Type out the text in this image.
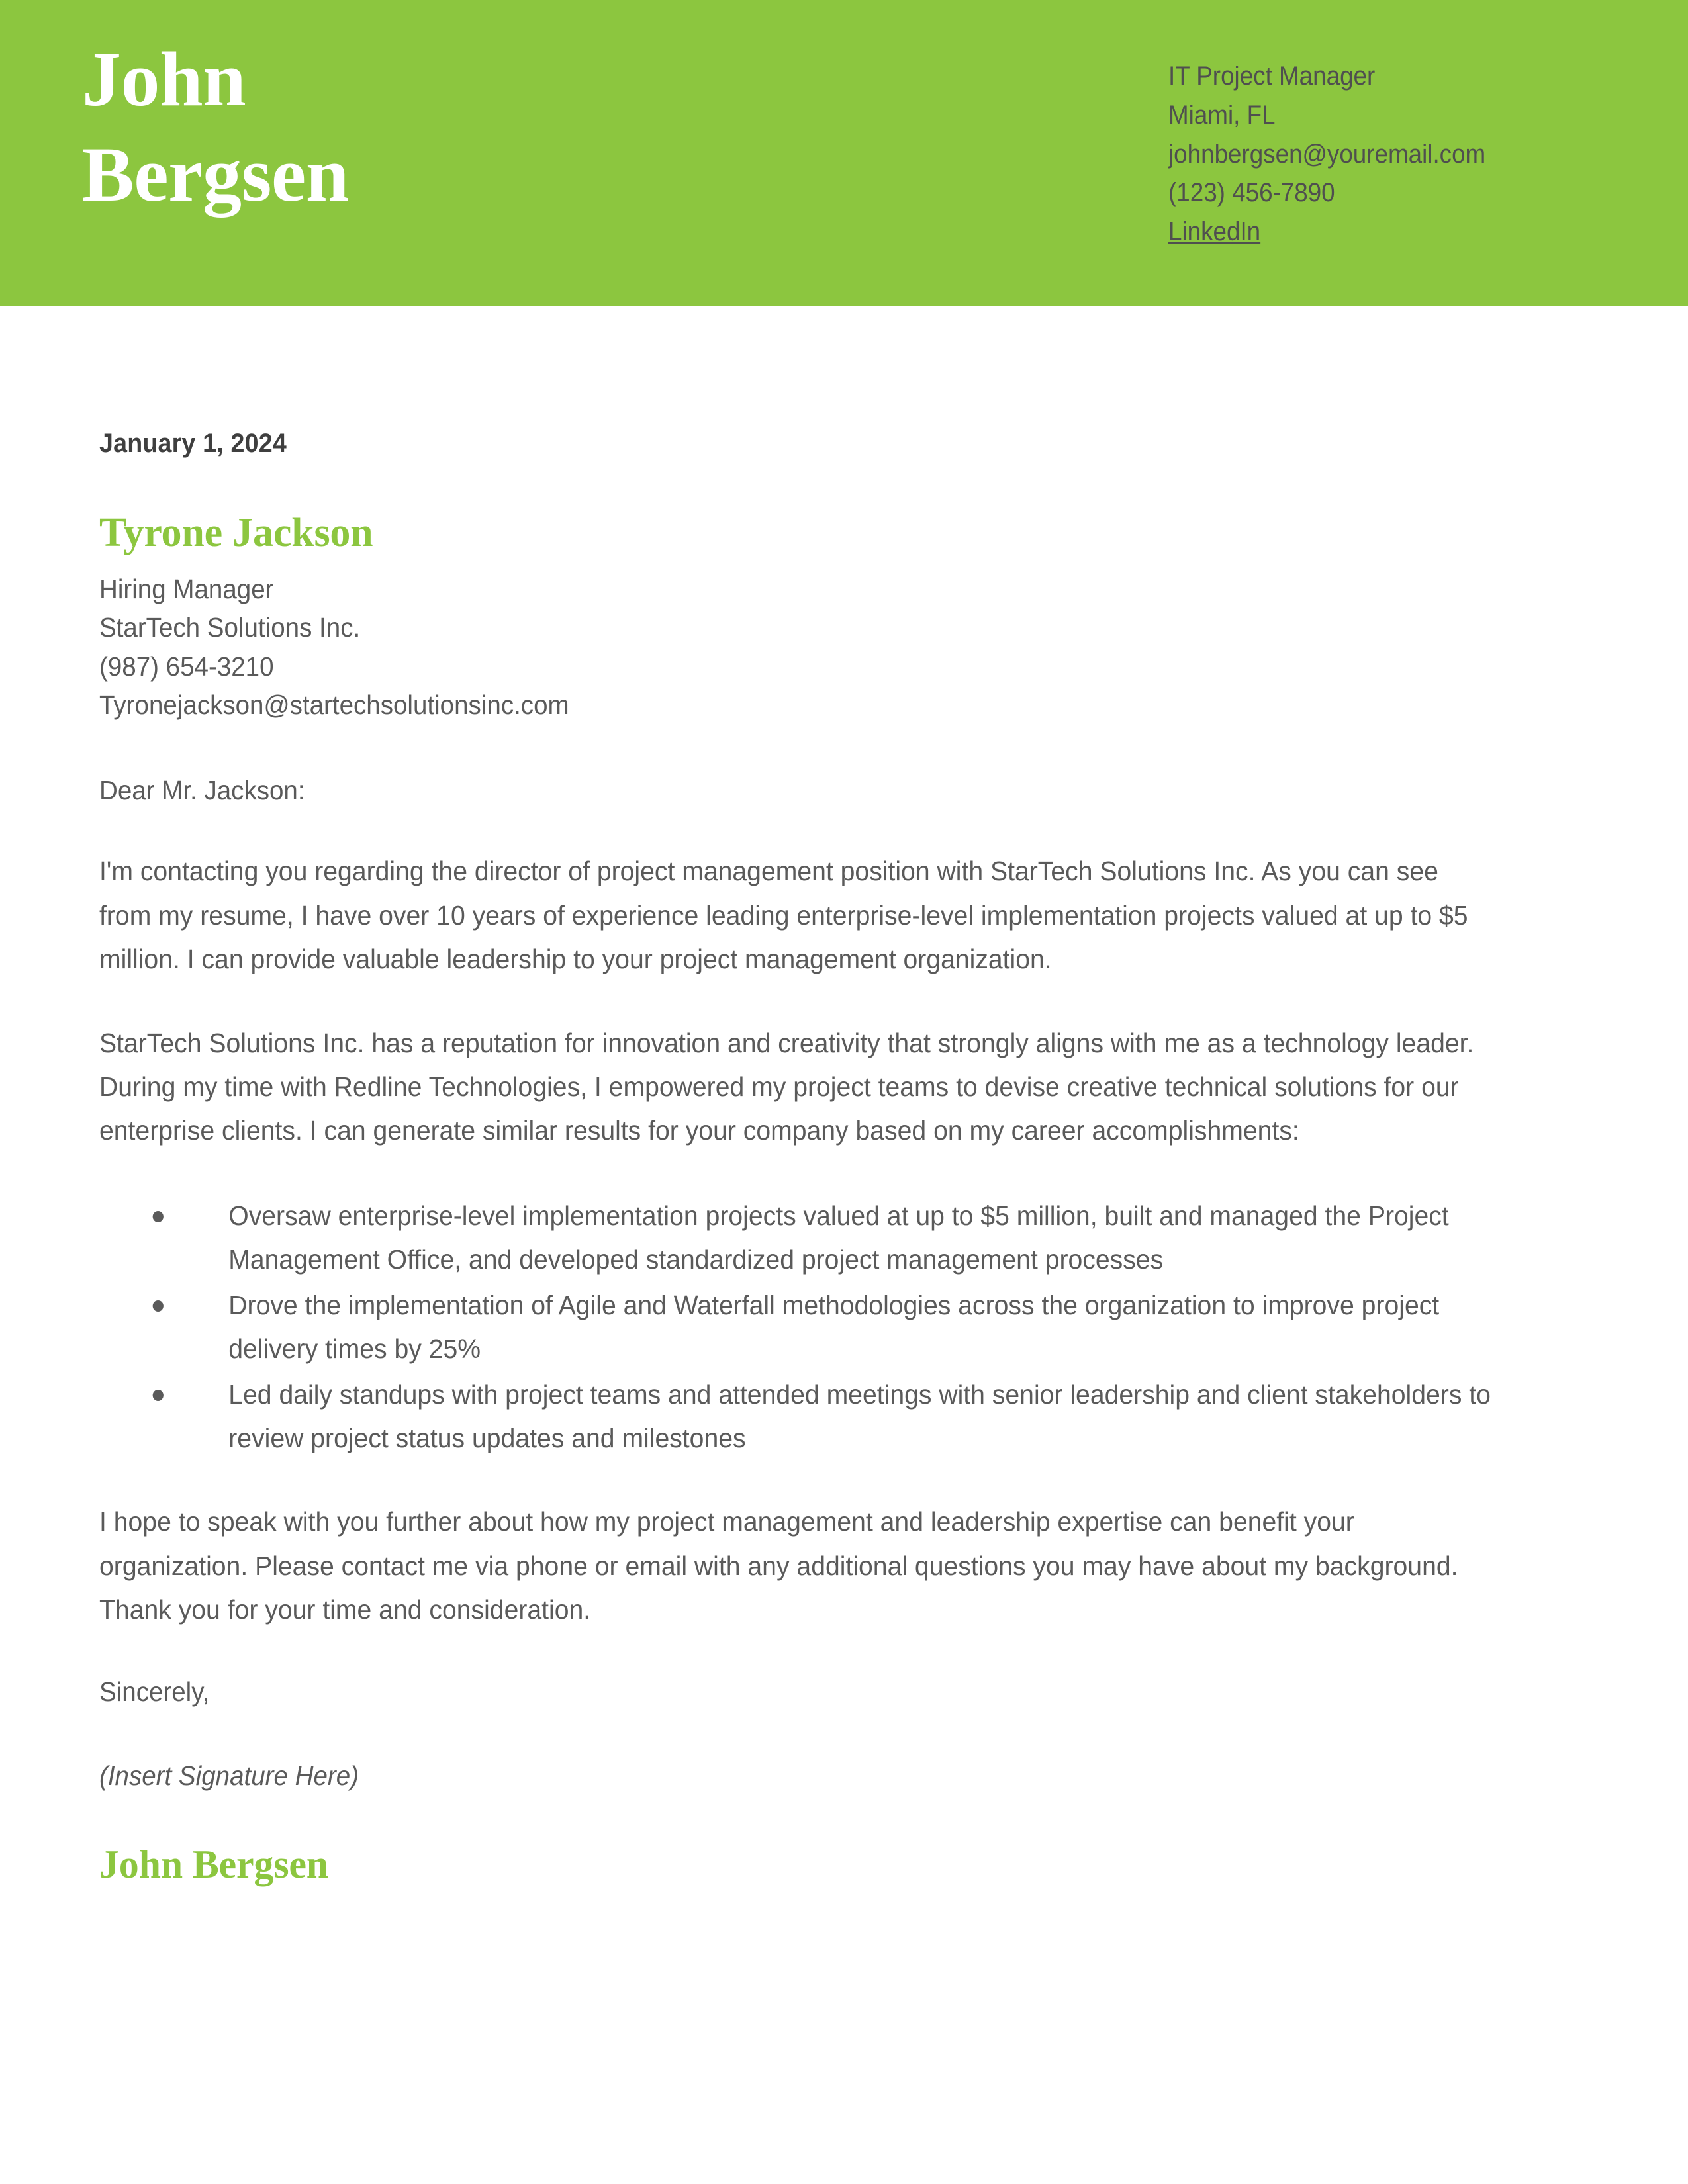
John
Bergsen
IT Project Manager
Miami, FL
johnbergsen@youremail.com
(123) 456-7890
LinkedIn
January 1, 2024
Tyrone Jackson
Hiring Manager
StarTech Solutions Inc.
(987) 654-3210
Tyronejackson@startechsolutionsinc.com
Dear Mr. Jackson:

I'm contacting you regarding the director of project management position with StarTech Solutions Inc. As you can see from my resume, I have over 10 years of experience leading enterprise-level implementation projects valued at up to $5 million. I can provide valuable leadership to your project management organization.

StarTech Solutions Inc. has a reputation for innovation and creativity that strongly aligns with me as a technology leader. During my time with Redline Technologies, I empowered my project teams to devise creative technical solutions for our enterprise clients. I can generate similar results for your company based on my career accomplishments:

Oversaw enterprise-level implementation projects valued at up to $5 million, built and managed the Project Management Office, and developed standardized project management processes
Drove the implementation of Agile and Waterfall methodologies across the organization to improve project delivery times by 25%
Led daily standups with project teams and attended meetings with senior leadership and client stakeholders to review project status updates and milestones

I hope to speak with you further about how my project management and leadership expertise can benefit your organization. Please contact me via phone or email with any additional questions you may have about my background. Thank you for your time and consideration.

Sincerely,
(Insert Signature Here)
John Bergsen
